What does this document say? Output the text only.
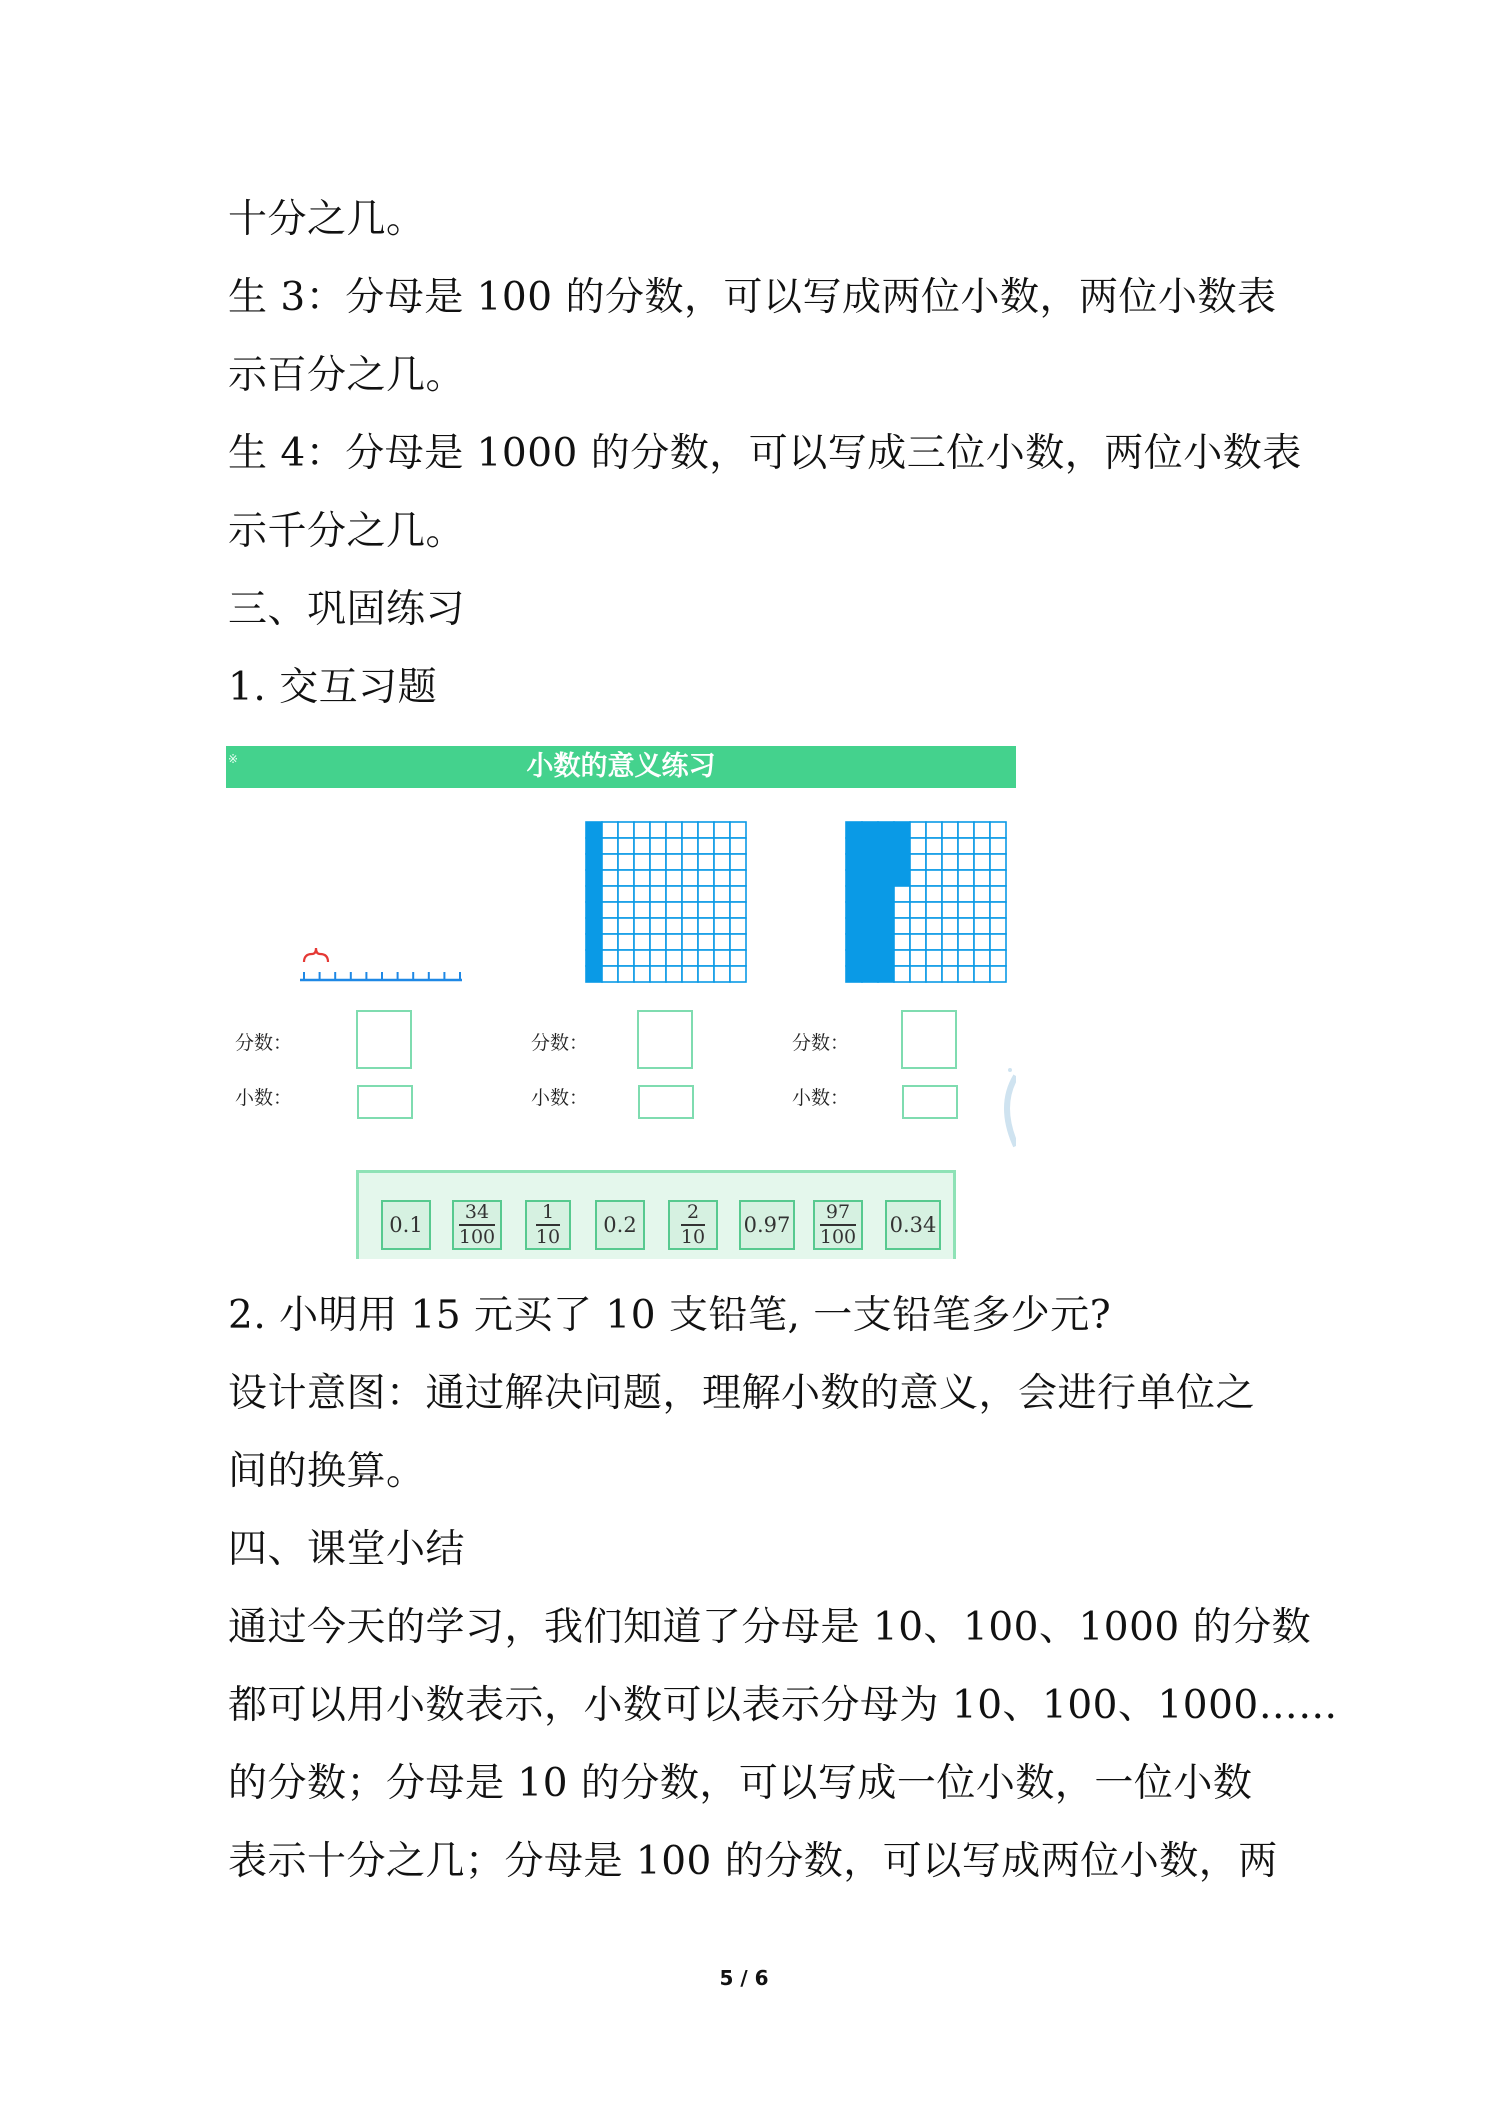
十分之几。
生 3：分母是 100 的分数，可以写成两位小数，两位小数表
示百分之几。
生 4：分母是 1000 的分数，可以写成三位小数，两位小数表
示千分之几。
三、巩固练习
1. 交互习题
※	小数的意义练习
分数：
小数：
分数：
小数：
分数：
小数：
$0.1 \frac{34}{100} \frac{1}{10} 0.2 \frac{2}{10} 0.97 \frac{97}{100} 0.34$
2. 小明用 15 元买了 10 支铅笔, 一支铅笔多少元?
设计意图：通过解决问题，理解小数的意义，会进行单位之
间的换算。
四、课堂小结
通过今天的学习，我们知道了分母是 10、100、1000 的分数
都可以用小数表示，小数可以表示分母为 10、100、1000……
的分数；分母是 10 的分数，可以写成一位小数，一位小数
表示十分之几；分母是 100 的分数，可以写成两位小数，两
5 / 6
